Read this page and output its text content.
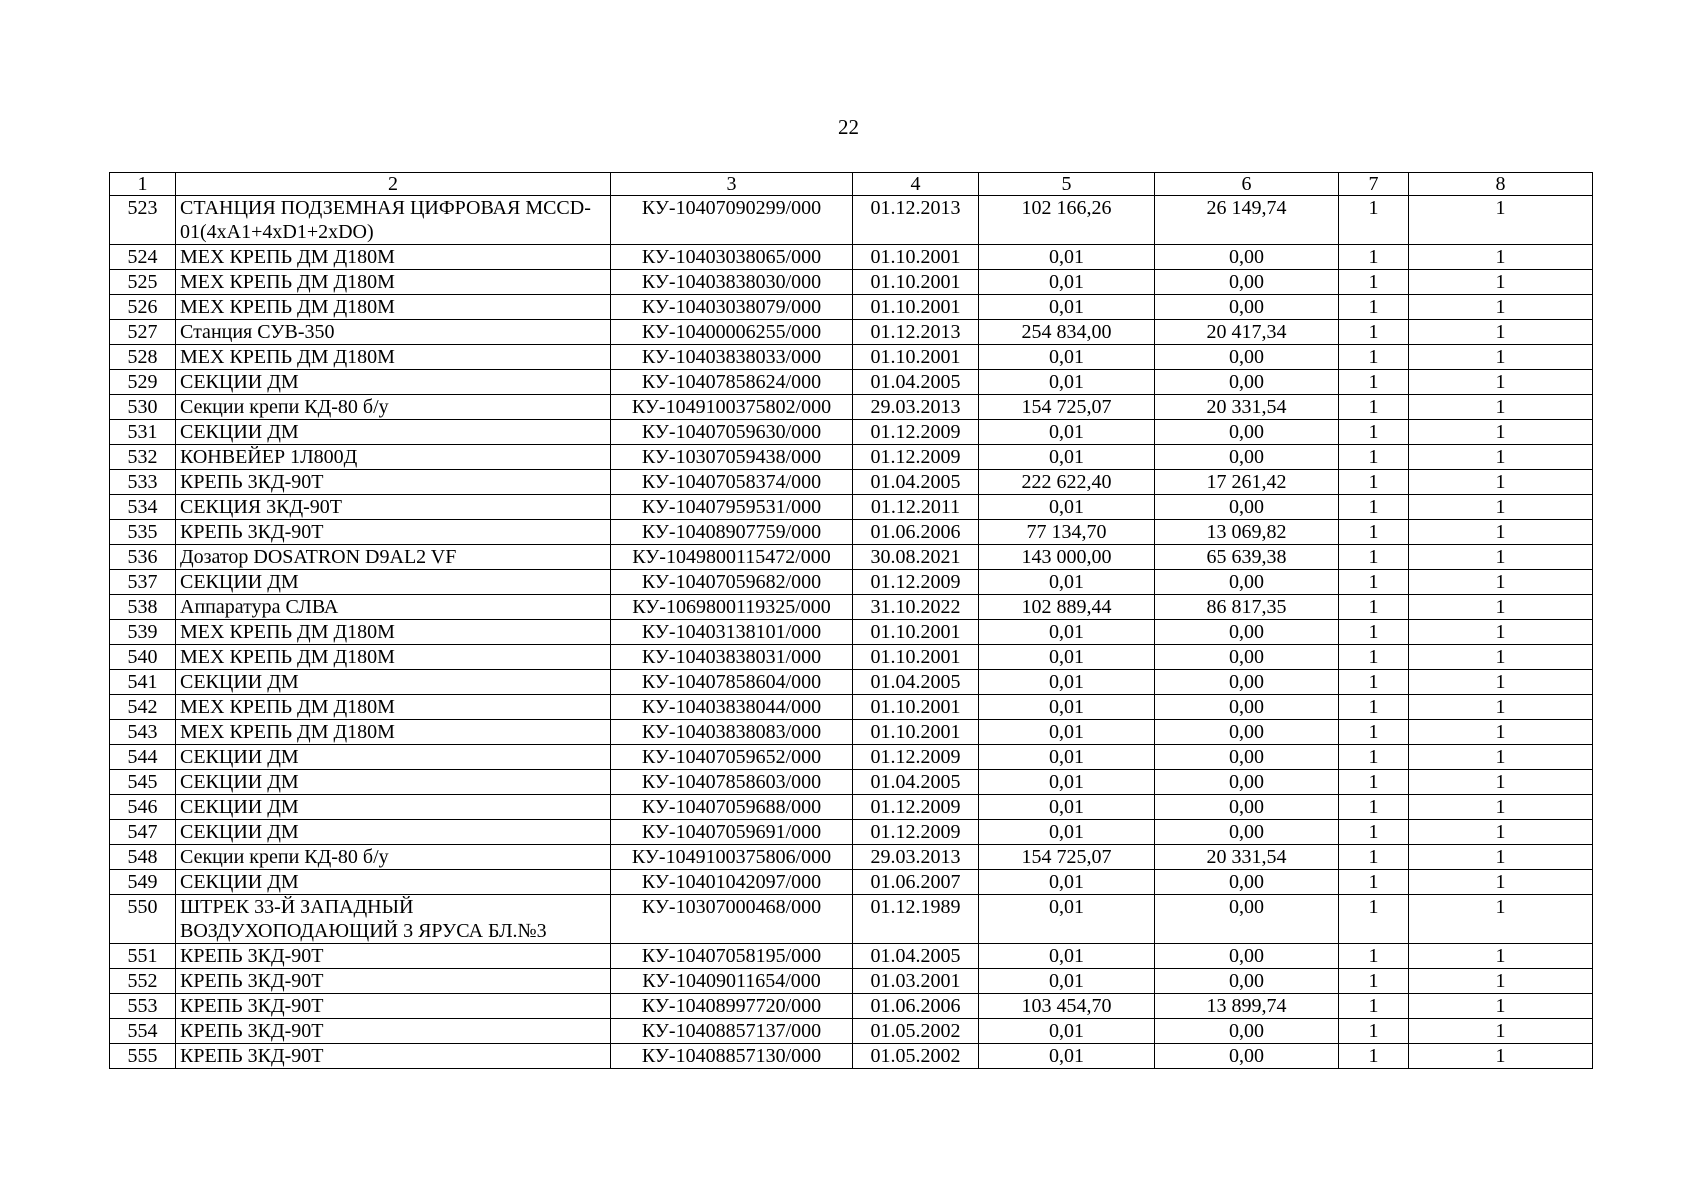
22
1	2	3	4	5	6	7	8
523	СТАНЦИЯ ПОДЗЕМНАЯ ЦИФРОВАЯ MCCD-01(4xA1+4xD1+2xDO)	КУ-10407090299/000	01.12.2013	102 166,26	26 149,74	1	1
524	МЕХ КРЕПЬ ДМ Д180М	КУ-10403038065/000	01.10.2001	0,01	0,00	1	1
525	МЕХ КРЕПЬ ДМ Д180М	КУ-10403838030/000	01.10.2001	0,01	0,00	1	1
526	МЕХ КРЕПЬ ДМ Д180М	КУ-10403038079/000	01.10.2001	0,01	0,00	1	1
527	Станция СУВ-350	КУ-10400006255/000	01.12.2013	254 834,00	20 417,34	1	1
528	МЕХ КРЕПЬ ДМ Д180М	КУ-10403838033/000	01.10.2001	0,01	0,00	1	1
529	СЕКЦИИ ДМ	КУ-10407858624/000	01.04.2005	0,01	0,00	1	1
530	Секции крепи КД-80 б/у	КУ-1049100375802/000	29.03.2013	154 725,07	20 331,54	1	1
531	СЕКЦИИ ДМ	КУ-10407059630/000	01.12.2009	0,01	0,00	1	1
532	КОНВЕЙЕР 1Л800Д	КУ-10307059438/000	01.12.2009	0,01	0,00	1	1
533	КРЕПЬ 3КД-90Т	КУ-10407058374/000	01.04.2005	222 622,40	17 261,42	1	1
534	СЕКЦИЯ 3КД-90Т	КУ-10407959531/000	01.12.2011	0,01	0,00	1	1
535	КРЕПЬ 3КД-90Т	КУ-10408907759/000	01.06.2006	77 134,70	13 069,82	1	1
536	Дозатор DOSATRON D9AL2 VF	КУ-1049800115472/000	30.08.2021	143 000,00	65 639,38	1	1
537	СЕКЦИИ ДМ	КУ-10407059682/000	01.12.2009	0,01	0,00	1	1
538	Аппаратура СЛВА	КУ-1069800119325/000	31.10.2022	102 889,44	86 817,35	1	1
539	МЕХ КРЕПЬ ДМ Д180М	КУ-10403138101/000	01.10.2001	0,01	0,00	1	1
540	МЕХ КРЕПЬ ДМ Д180М	КУ-10403838031/000	01.10.2001	0,01	0,00	1	1
541	СЕКЦИИ ДМ	КУ-10407858604/000	01.04.2005	0,01	0,00	1	1
542	МЕХ КРЕПЬ ДМ Д180М	КУ-10403838044/000	01.10.2001	0,01	0,00	1	1
543	МЕХ КРЕПЬ ДМ Д180М	КУ-10403838083/000	01.10.2001	0,01	0,00	1	1
544	СЕКЦИИ ДМ	КУ-10407059652/000	01.12.2009	0,01	0,00	1	1
545	СЕКЦИИ ДМ	КУ-10407858603/000	01.04.2005	0,01	0,00	1	1
546	СЕКЦИИ ДМ	КУ-10407059688/000	01.12.2009	0,01	0,00	1	1
547	СЕКЦИИ ДМ	КУ-10407059691/000	01.12.2009	0,01	0,00	1	1
548	Секции крепи КД-80 б/у	КУ-1049100375806/000	29.03.2013	154 725,07	20 331,54	1	1
549	СЕКЦИИ ДМ	КУ-10401042097/000	01.06.2007	0,01	0,00	1	1
550	ШТРЕК 33-Й ЗАПАДНЫЙ ВОЗДУХОПОДАЮЩИЙ 3 ЯРУСА БЛ.№3	КУ-10307000468/000	01.12.1989	0,01	0,00	1	1
551	КРЕПЬ 3КД-90Т	КУ-10407058195/000	01.04.2005	0,01	0,00	1	1
552	КРЕПЬ 3КД-90Т	КУ-10409011654/000	01.03.2001	0,01	0,00	1	1
553	КРЕПЬ 3КД-90Т	КУ-10408997720/000	01.06.2006	103 454,70	13 899,74	1	1
554	КРЕПЬ 3КД-90Т	КУ-10408857137/000	01.05.2002	0,01	0,00	1	1
555	КРЕПЬ 3КД-90Т	КУ-10408857130/000	01.05.2002	0,01	0,00	1	1
